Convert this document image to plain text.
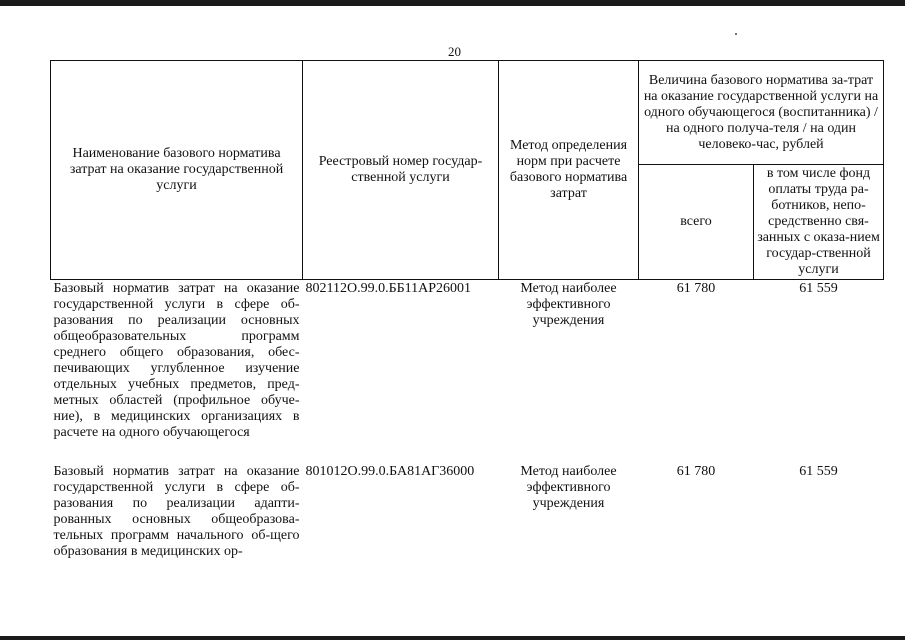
20
Наименование базового норматива затрат на оказание государственной услуги	Реестровый номер государ-ственной услуги	Метод определения норм при расчете базового норматива затрат	Величина базового норматива за-трат на оказание государственной услуги на одного обучающегося (воспитанника) / на одного получа-теля / на один человеко-час, рублей	
			всего	в том числе фонд оплаты труда ра-ботников, непо-средственно свя-занных с оказа-нием государ-ственной услуги
Базовый норматив затрат на оказание государственной услуги в сфере об-разования по реализации основных общеобразовательных программ среднего общего образования, обес-печивающих углубленное изучение отдельных учебных предметов, пред-метных областей (профильное обуче-ние), в медицинских организациях в расчете на одного обучающегося	802112О.99.0.ББ11АР26001	Метод наиболее эффективного учреждения	61 780	61 559
Базовый норматив затрат на оказание государственной услуги в сфере об-разования по реализации адапти-рованных основных общеобразова-тельных программ начального об-щего образования в медицинских ор-	801012О.99.0.БА81АГ36000	Метод наиболее эффективного учреждения	61 780	61 559
